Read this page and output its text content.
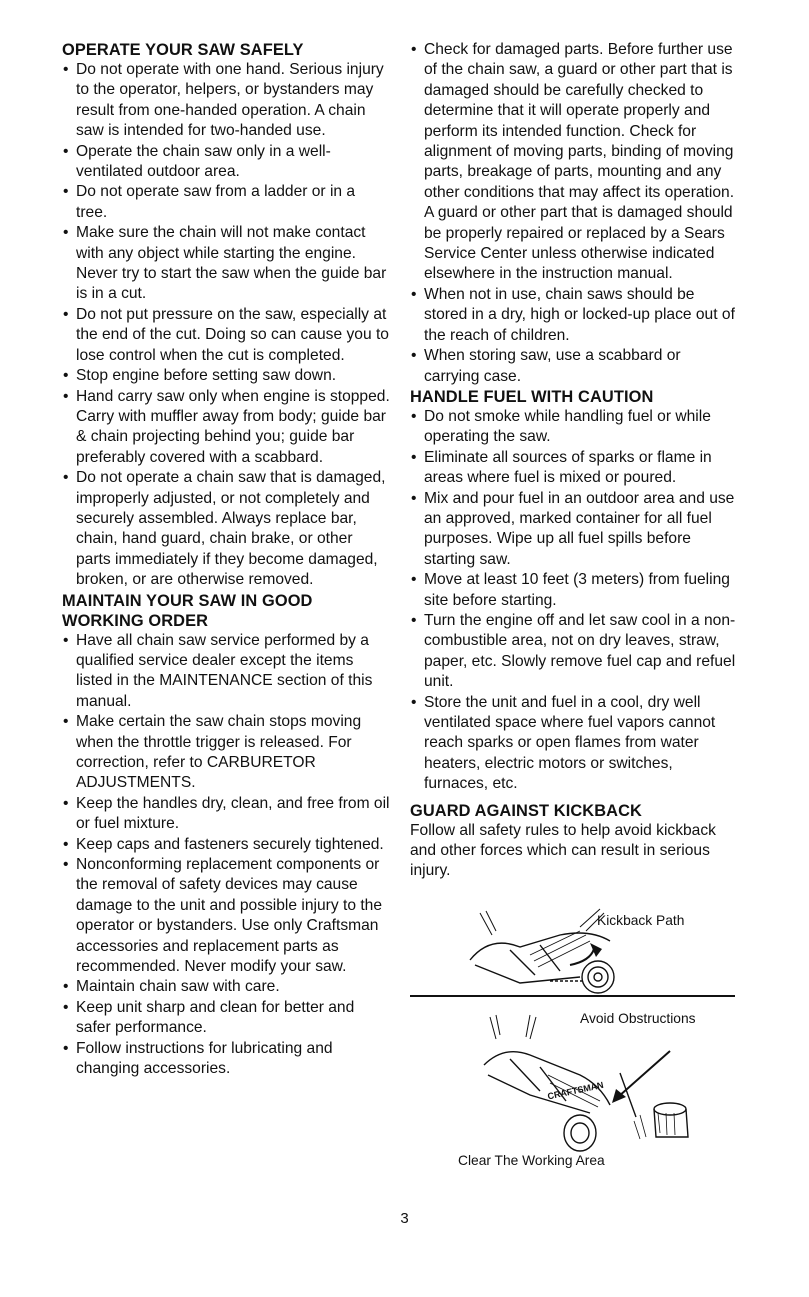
OPERATE YOUR SAW SAFELY
• Do not operate with one hand. Serious injury to the operator, helpers, or bystanders may result from one-handed operation. A chain saw is intended for two-handed use.
• Operate the chain saw only in a well-ventilated outdoor area.
• Do not operate saw from a ladder or in a tree.
• Make sure the chain will not make contact with any object while starting the engine. Never try to start the saw when the guide bar is in a cut.
• Do not put pressure on the saw, especially at the end of the cut. Doing so can cause you to lose control when the cut is completed.
• Stop engine before setting saw down.
• Hand carry saw only when engine is stopped. Carry with muffler away from body; guide bar & chain projecting behind you; guide bar preferably covered with a scabbard.
• Do not operate a chain saw that is damaged, improperly adjusted, or not completely and securely assembled. Always replace bar, chain, hand guard, chain brake, or other parts immediately if they become damaged, broken, or are otherwise removed.
MAINTAIN YOUR SAW IN GOOD WORKING ORDER
• Have all chain saw service performed by a qualified service dealer except the items listed in the MAINTENANCE section of this manual.
• Make certain the saw chain stops moving when the throttle trigger is released. For correction, refer to CARBURETOR ADJUSTMENTS.
• Keep the handles dry, clean, and free from oil or fuel mixture.
• Keep caps and fasteners securely tightened.
• Nonconforming replacement components or the removal of safety devices may cause damage to the unit and possible injury to the operator or bystanders. Use only Craftsman accessories and replacement parts as recommended. Never modify your saw.
• Maintain chain saw with care.
• Keep unit sharp and clean for better and safer performance.
• Follow instructions for lubricating and changing accessories.
• Check for damaged parts. Before further use of the chain saw, a guard or other part that is damaged should be carefully checked to determine that it will operate properly and perform its intended function. Check for alignment of moving parts, binding of moving parts, breakage of parts, mounting and any other conditions that may affect its operation. A guard or other part that is damaged should be properly repaired or replaced by a Sears Service Center unless otherwise indicated elsewhere in the instruction manual.
• When not in use, chain saws should be stored in a dry, high or locked-up place out of the reach of children.
• When storing saw, use a scabbard or carrying case.
HANDLE FUEL WITH CAUTION
• Do not smoke while handling fuel or while operating the saw.
• Eliminate all sources of sparks or flame in areas where fuel is mixed or poured.
• Mix and pour fuel in an outdoor area and use an approved, marked container for all fuel purposes. Wipe up all fuel spills before starting saw.
• Move at least 10 feet (3 meters) from fueling site before starting.
• Turn the engine off and let saw cool in a non-combustible area, not on dry leaves, straw, paper, etc. Slowly remove fuel cap and refuel unit.
• Store the unit and fuel in a cool, dry well ventilated space where fuel vapors cannot reach sparks or open flames from water heaters, electric motors or switches, furnaces, etc.
GUARD AGAINST KICKBACK

Follow all safety rules to help avoid kickback and other forces which can result in serious injury.

Kickback Path
CRAFTSMAN
Avoid Obstructions
Clear The Working Area
3
